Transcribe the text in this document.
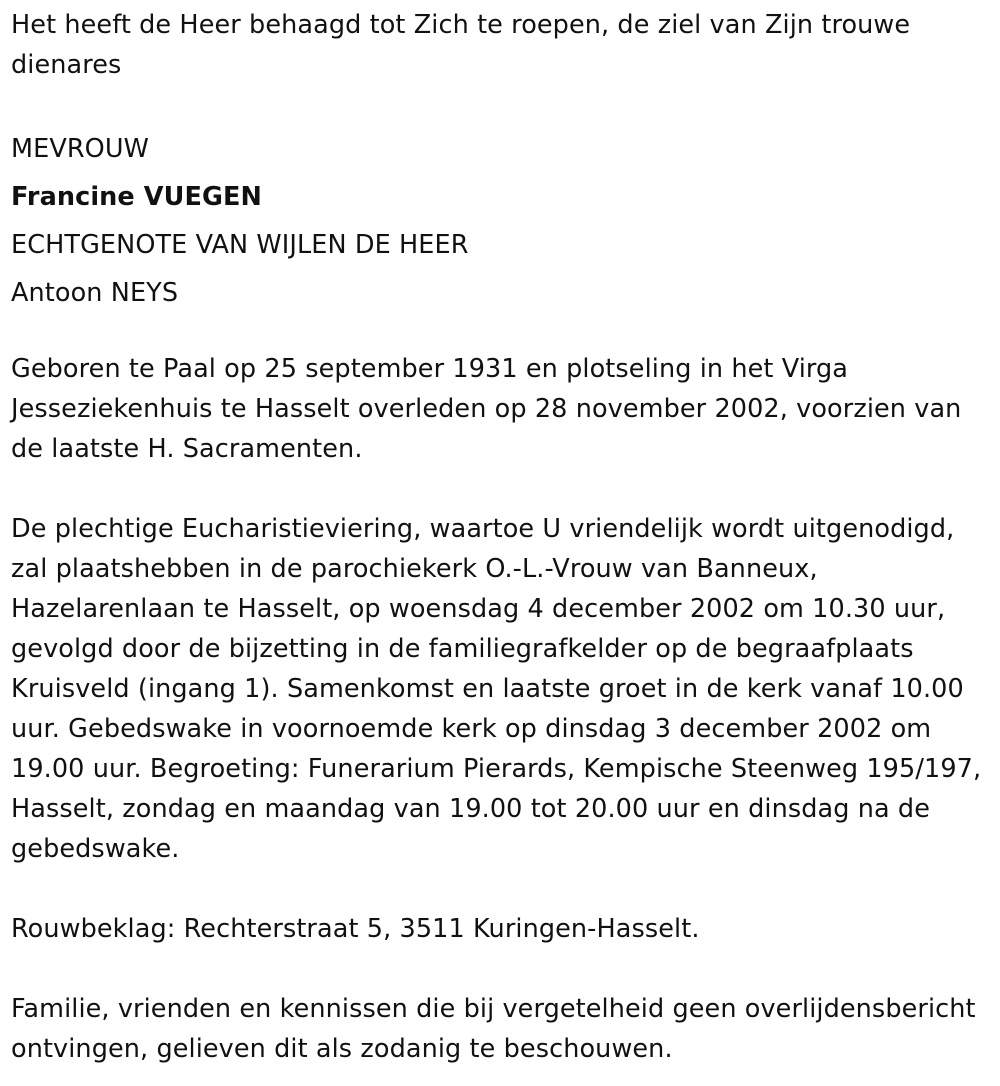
Het heeft de Heer behaagd tot Zich te roepen, de ziel van Zijn trouwe dienares

MEVROUW

Francine VUEGEN

ECHTGENOTE VAN WIJLEN DE HEER

Antoon NEYS

Geboren te Paal op 25 september 1931 en plotseling in het Virga Jesseziekenhuis te Hasselt overleden op 28 november 2002, voorzien van de laatste H. Sacramenten.

De plechtige Eucharistieviering, waartoe U vriendelijk wordt uitgenodigd, zal plaatshebben in de parochiekerk O.-L.-Vrouw van Banneux, Hazelarenlaan te Hasselt, op woensdag 4 december 2002 om 10.30 uur, gevolgd door de bijzetting in de familiegrafkelder op de begraafplaats Kruisveld (ingang 1). Samenkomst en laatste groet in de kerk vanaf 10.00 uur. Gebedswake in voornoemde kerk op dinsdag 3 december 2002 om 19.00 uur. Begroeting: Funerarium Pierards, Kempische Steenweg 195/197, Hasselt, zondag en maandag van 19.00 tot 20.00 uur en dinsdag na de gebedswake.

Rouwbeklag: Rechterstraat 5, 3511 Kuringen-Hasselt.

Familie, vrienden en kennissen die bij vergetelheid geen overlijdensbericht ontvingen, gelieven dit als zodanig te beschouwen.
